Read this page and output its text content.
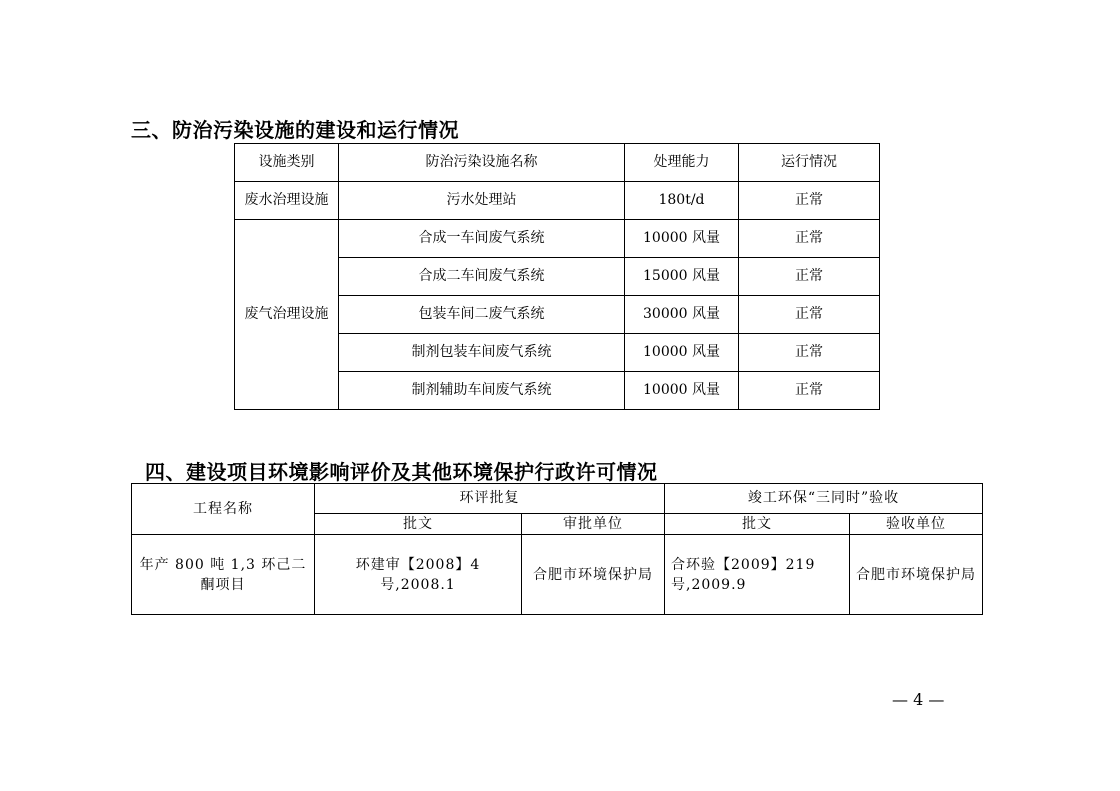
三、防治污染设施的建设和运行情况
设施类别	防治污染设施名称	处理能力	运行情况
废水治理设施	污水处理站	180t/d	正常
废气治理设施	合成一车间废气系统	10000 风量	正常
	合成二车间废气系统	15000 风量	正常
	包装车间二废气系统	30000 风量	正常
	制剂包装车间废气系统	10000 风量	正常
	制剂辅助车间废气系统	10000 风量	正常
四、建设项目环境影响评价及其他环境保护行政许可情况
工程名称	环评批复		竣工环保“三同时”验收	
	批文	审批单位	批文	验收单位
年产 800 吨 1,3 环己二酮项目	环建审【2008】4 号,2008.1	合肥市环境保护局	合环验【2009】219 号,2009.9	合肥市环境保护局
— 4 —
